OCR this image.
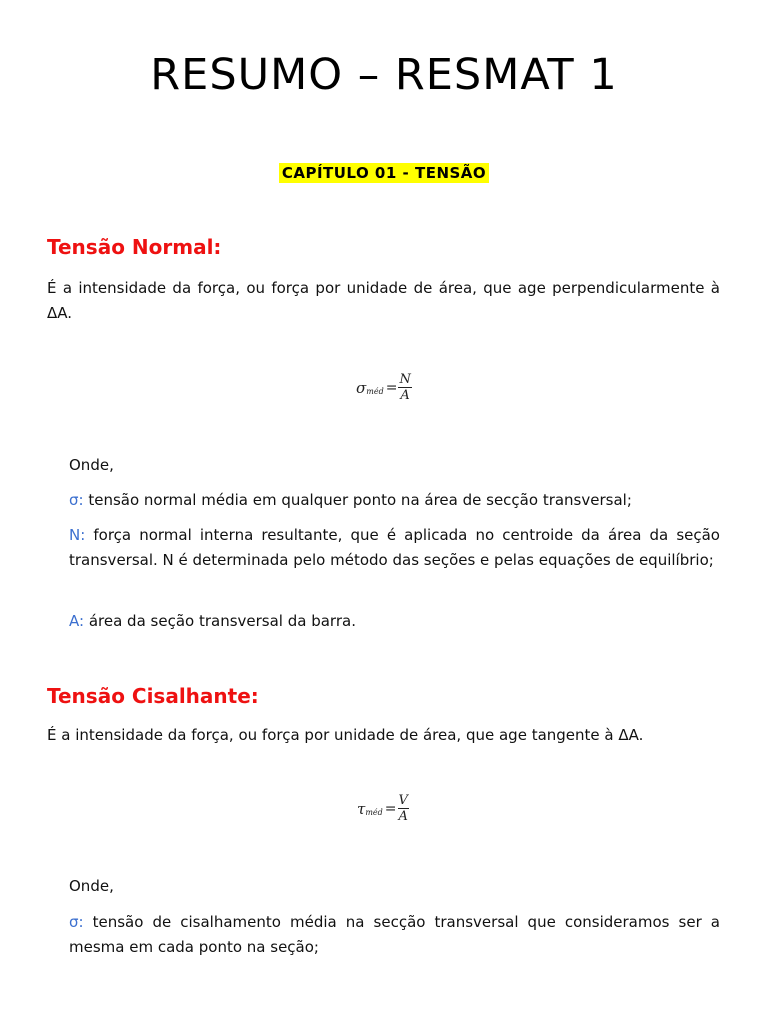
RESUMO – RESMAT 1
CAPÍTULO 01 - TENSÃO
Tensão Normal:
É a intensidade da força, ou força por unidade de área, que age perpendicularmente à ΔA.
σ méd = $\frac{N}{A}$
Onde,
σ: tensão normal média em qualquer ponto na área de secção transversal;
N: força normal interna resultante, que é aplicada no centroide da área da seção transversal. N é determinada pelo método das seções e pelas equações de equilíbrio;
A: área da seção transversal da barra.
Tensão Cisalhante:
É a intensidade da força, ou força por unidade de área, que age tangente à ΔA.
τ méd = $\frac{V}{A}$
Onde,
σ: tensão de cisalhamento média na secção transversal que consideramos ser a mesma em cada ponto na seção;
